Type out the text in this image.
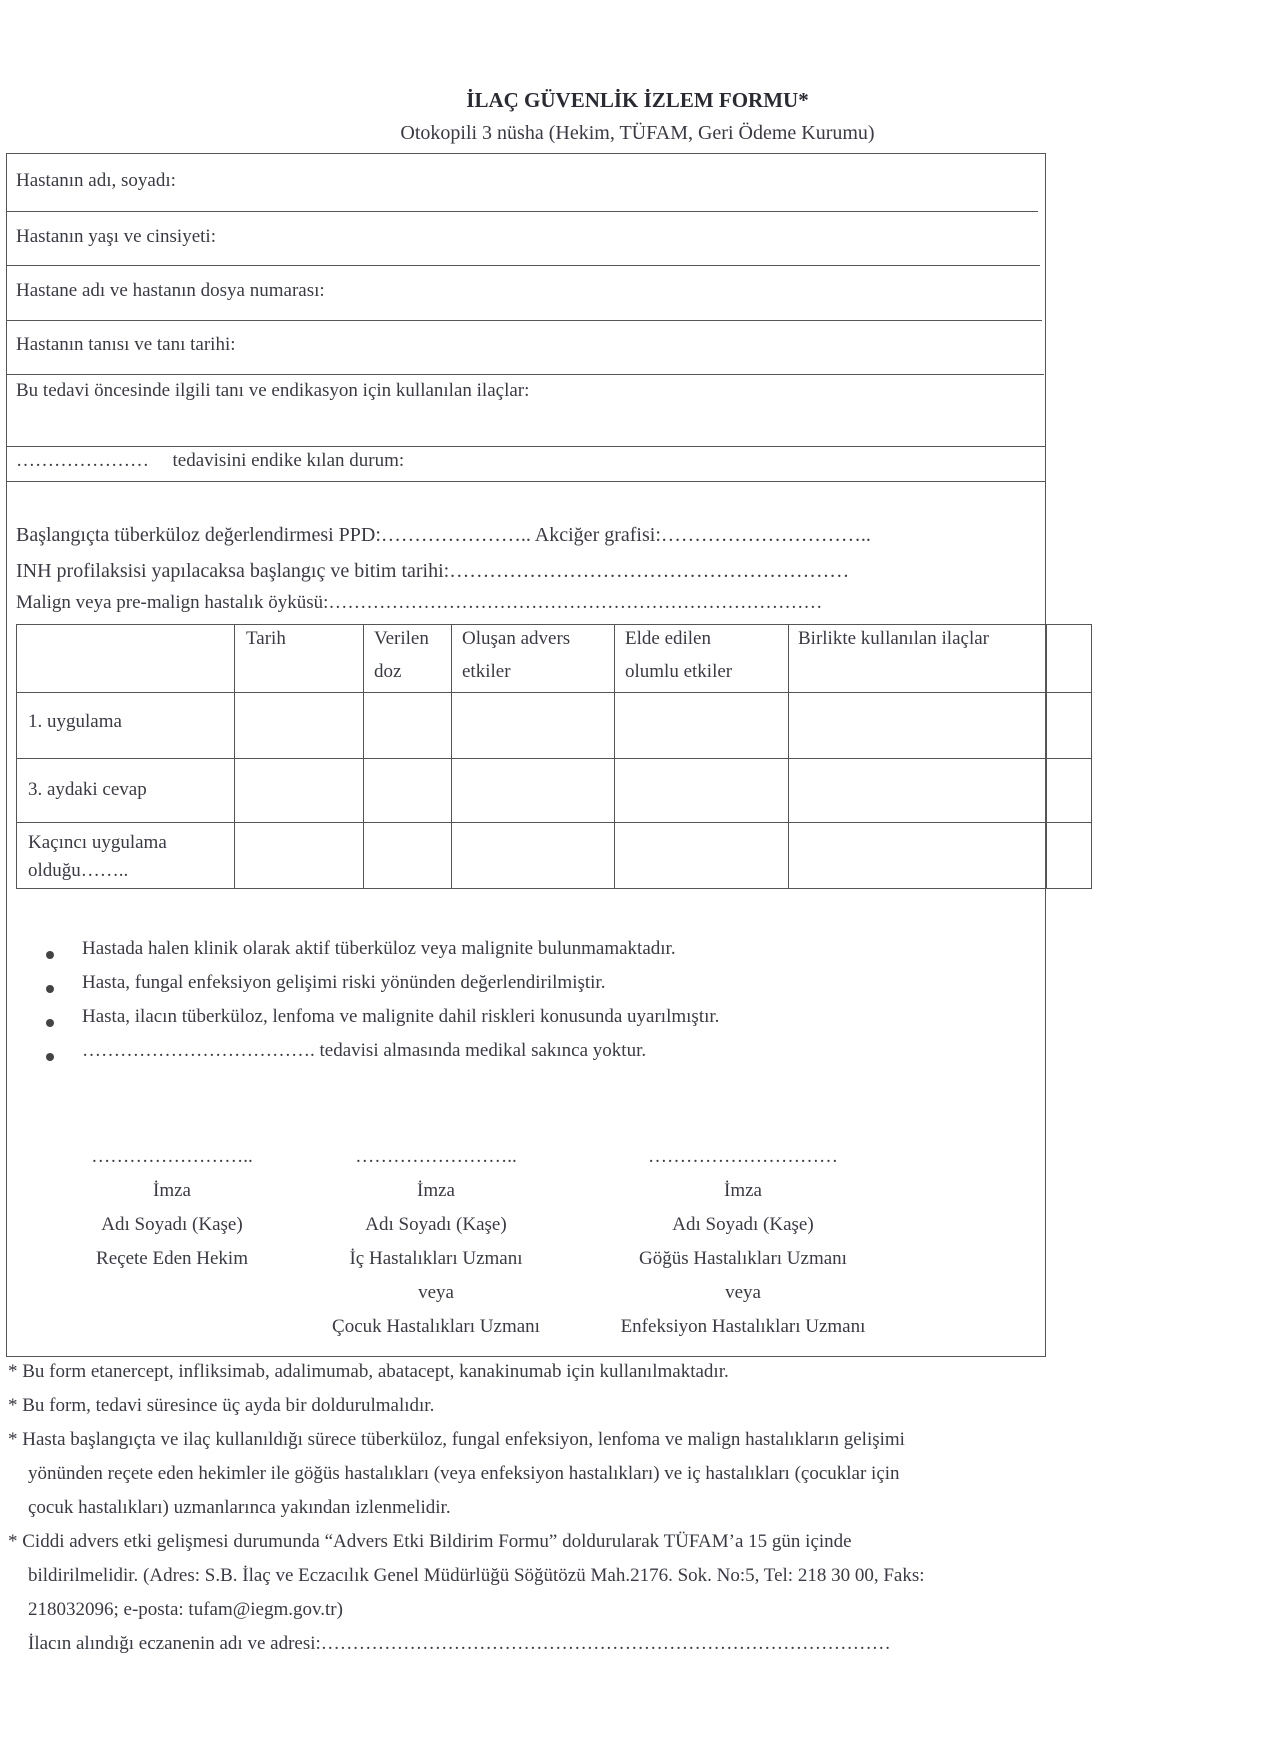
İLAÇ GÜVENLİK İZLEM FORMU*
Otokopili 3 nüsha (Hekim, TÜFAM, Geri Ödeme Kurumu)
Hastanın adı, soyadı:
Hastanın yaşı ve cinsiyeti:
Hastane adı ve hastanın dosya numarası:
Hastanın tanısı ve tanı tarihi:
Bu tedavi öncesinde ilgili tanı ve endikasyon için kullanılan ilaçlar:
………………… tedavisini endike kılan durum:
Başlangıçta tüberküloz değerlendirmesi PPD:………………….. Akciğer grafisi:…………………………..
INH profilaksisi yapılacaksa başlangıç ve bitim tarihi:……………………………………………………
Malign veya pre-malign hastalık öyküsü:……………………………………………………………………
Tarih	Verilen
doz
Oluşan advers
etkiler
Elde edilen
olumlu etkiler
Birlikte kullanılan ilaçlar
1. uygulama
3. aydaki cevap
Kaçıncı uygulama
olduğu……..
Hastada halen klinik olarak aktif tüberküloz veya malignite bulunmamaktadır.
Hasta, fungal enfeksiyon gelişimi riski yönünden değerlendirilmiştir.
Hasta, ilacın tüberküloz, lenfoma ve malignite dahil riskleri konusunda uyarılmıştır.
………………………………. tedavisi almasında medikal sakınca yoktur.
……………………..
İmza
Adı Soyadı (Kaşe)
Reçete Eden Hekim
……………………..
İmza
Adı Soyadı (Kaşe)
İç Hastalıkları Uzmanı
veya
Çocuk Hastalıkları Uzmanı
…………………………
İmza
Adı Soyadı (Kaşe)
Göğüs Hastalıkları Uzmanı
veya
Enfeksiyon Hastalıkları Uzmanı
* Bu form etanercept, infliksimab, adalimumab, abatacept, kanakinumab için kullanılmaktadır.
* Bu form, tedavi süresince üç ayda bir doldurulmalıdır.
* Hasta başlangıçta ve ilaç kullanıldığı sürece tüberküloz, fungal enfeksiyon, lenfoma ve malign hastalıkların gelişimi
yönünden reçete eden hekimler ile göğüs hastalıkları (veya enfeksiyon hastalıkları) ve iç hastalıkları (çocuklar için
çocuk hastalıkları) uzmanlarınca yakından izlenmelidir.
* Ciddi advers etki gelişmesi durumunda “Advers Etki Bildirim Formu” doldurularak TÜFAM’a 15 gün içinde
bildirilmelidir. (Adres: S.B. İlaç ve Eczacılık Genel Müdürlüğü Söğütözü Mah.2176. Sok. No:5, Tel: 218 30 00, Faks:
218032096; e-posta: tufam@iegm.gov.tr)
İlacın alındığı eczanenin adı ve adresi:………………………………………………………………………………
